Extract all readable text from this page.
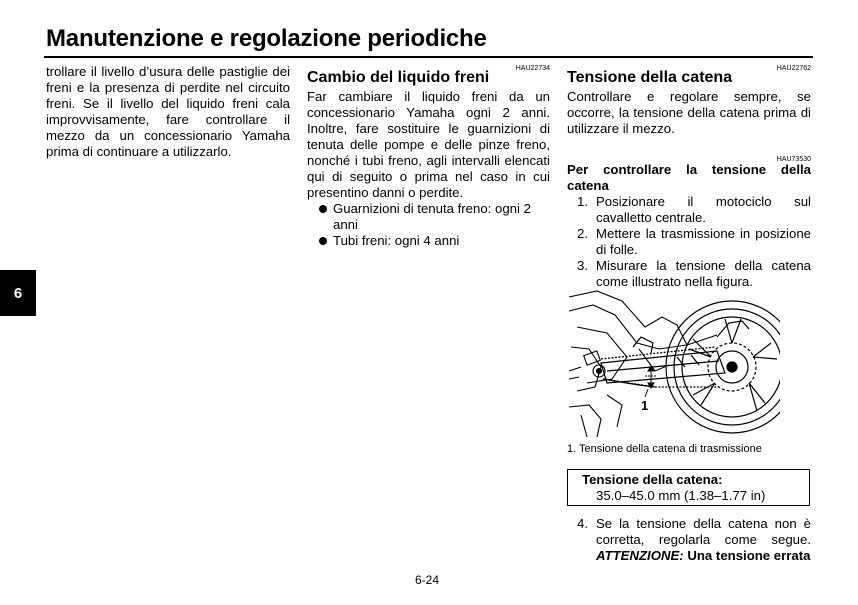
Manutenzione e regolazione periodiche
6

trollare il livello d’usura delle pastiglie dei freni e la presenza di perdite nel circuito freni. Se il livello del liquido freni cala improvvisamente, fare controllare il mezzo da un concessionario Yamaha prima di continuare a utilizzarlo.

HAU22734
Cambio del liquido freni

Far cambiare il liquido freni da un concessionario Yamaha ogni 2 anni. Inoltre, fare sostituire le guarnizioni di tenuta delle pompe e delle pinze freno, nonché i tubi freno, agli intervalli elencati qui di seguito o prima nel caso in cui presentino danni o perdite.

Guarnizioni di tenuta freno: ogni 2 anni
Tubi freni: ogni 4 anni
HAU22762
Tensione della catena

Controllare e regolare sempre, se occorre, la tensione della catena prima di utilizzare il mezzo.

HAU73530

Per controllare la tensione della catena

1. Posizionare il motociclo sul cavalletto centrale.
2. Mettere la trasmissione in posizione di folle.
3. Misurare la tensione della catena come illustrato nella figura.
1
1. Tensione della catena di trasmissione
Tensione della catena:
35.0–45.0 mm (1.38–1.77 in)
4. Se la tensione della catena non è corretta, regolarla come segue. ATTENZIONE: Una tensione errata
6-24
